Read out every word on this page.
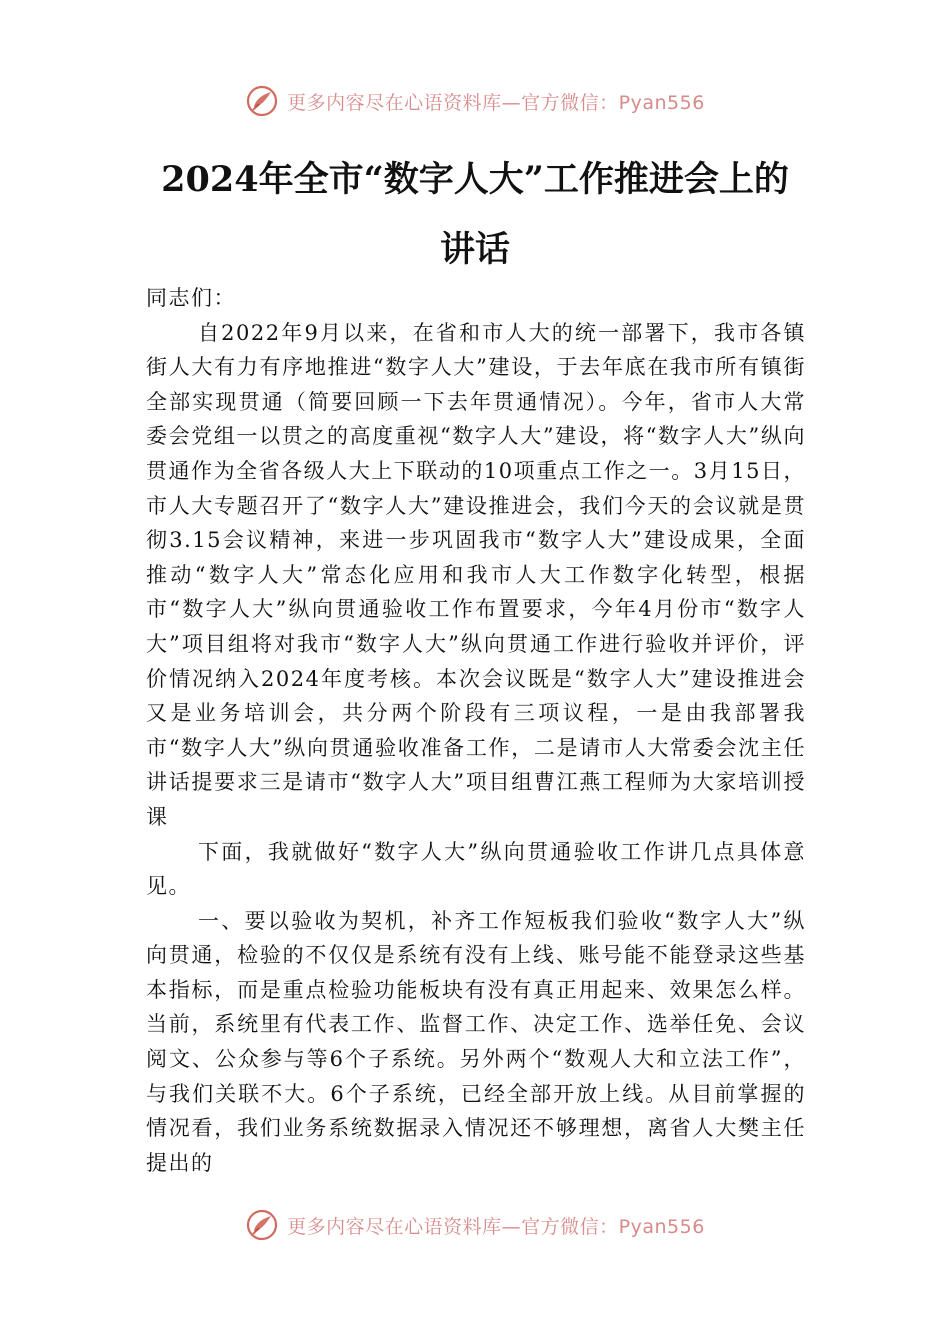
更多内容尽在心语资料库—官方微信：Pyan556
2024年全市“数字人大”工作推进会上的
讲话

同志们：

自2022年9月以来，在省和市人大的统一部署下，我市各镇街人大有力有序地推进“数字人大”建设，于去年底在我市所有镇街全部实现贯通（简要回顾一下去年贯通情况）。今年，省市人大常委会党组一以贯之的高度重视“数字人大”建设，将“数字人大”纵向贯通作为全省各级人大上下联动的10项重点工作之一。3月15日，市人大专题召开了“数字人大”建设推进会，我们今天的会议就是贯彻3.15会议精神，来进一步巩固我市“数字人大”建设成果，全面推动“数字人大”常态化应用和我市人大工作数字化转型，根据市“数字人大”纵向贯通验收工作布置要求，今年4月份市“数字人大”项目组将对我市“数字人大”纵向贯通工作进行验收并评价，评价情况纳入2024年度考核。本次会议既是“数字人大”建设推进会又是业务培训会，共分两个阶段有三项议程，一是由我部署我市“数字人大”纵向贯通验收准备工作，二是请市人大常委会沈主任讲话提要求三是请市“数字人大”项目组曹江燕工程师为大家培训授课

下面，我就做好“数字人大”纵向贯通验收工作讲几点具体意见。

一、要以验收为契机，补齐工作短板我们验收“数字人大”纵向贯通，检验的不仅仅是系统有没有上线、账号能不能登录这些基本指标，而是重点检验功能板块有没有真正用起来、效果怎么样。当前，系统里有代表工作、监督工作、决定工作、选举任免、会议阅文、公众参与等6个子系统。另外两个“数观人大和立法工作”，与我们关联不大。6个子系统，已经全部开放上线。从目前掌握的情况看，我们业务系统数据录入情况还不够理想，离省人大樊主任提出的

更多内容尽在心语资料库—官方微信：Pyan556
